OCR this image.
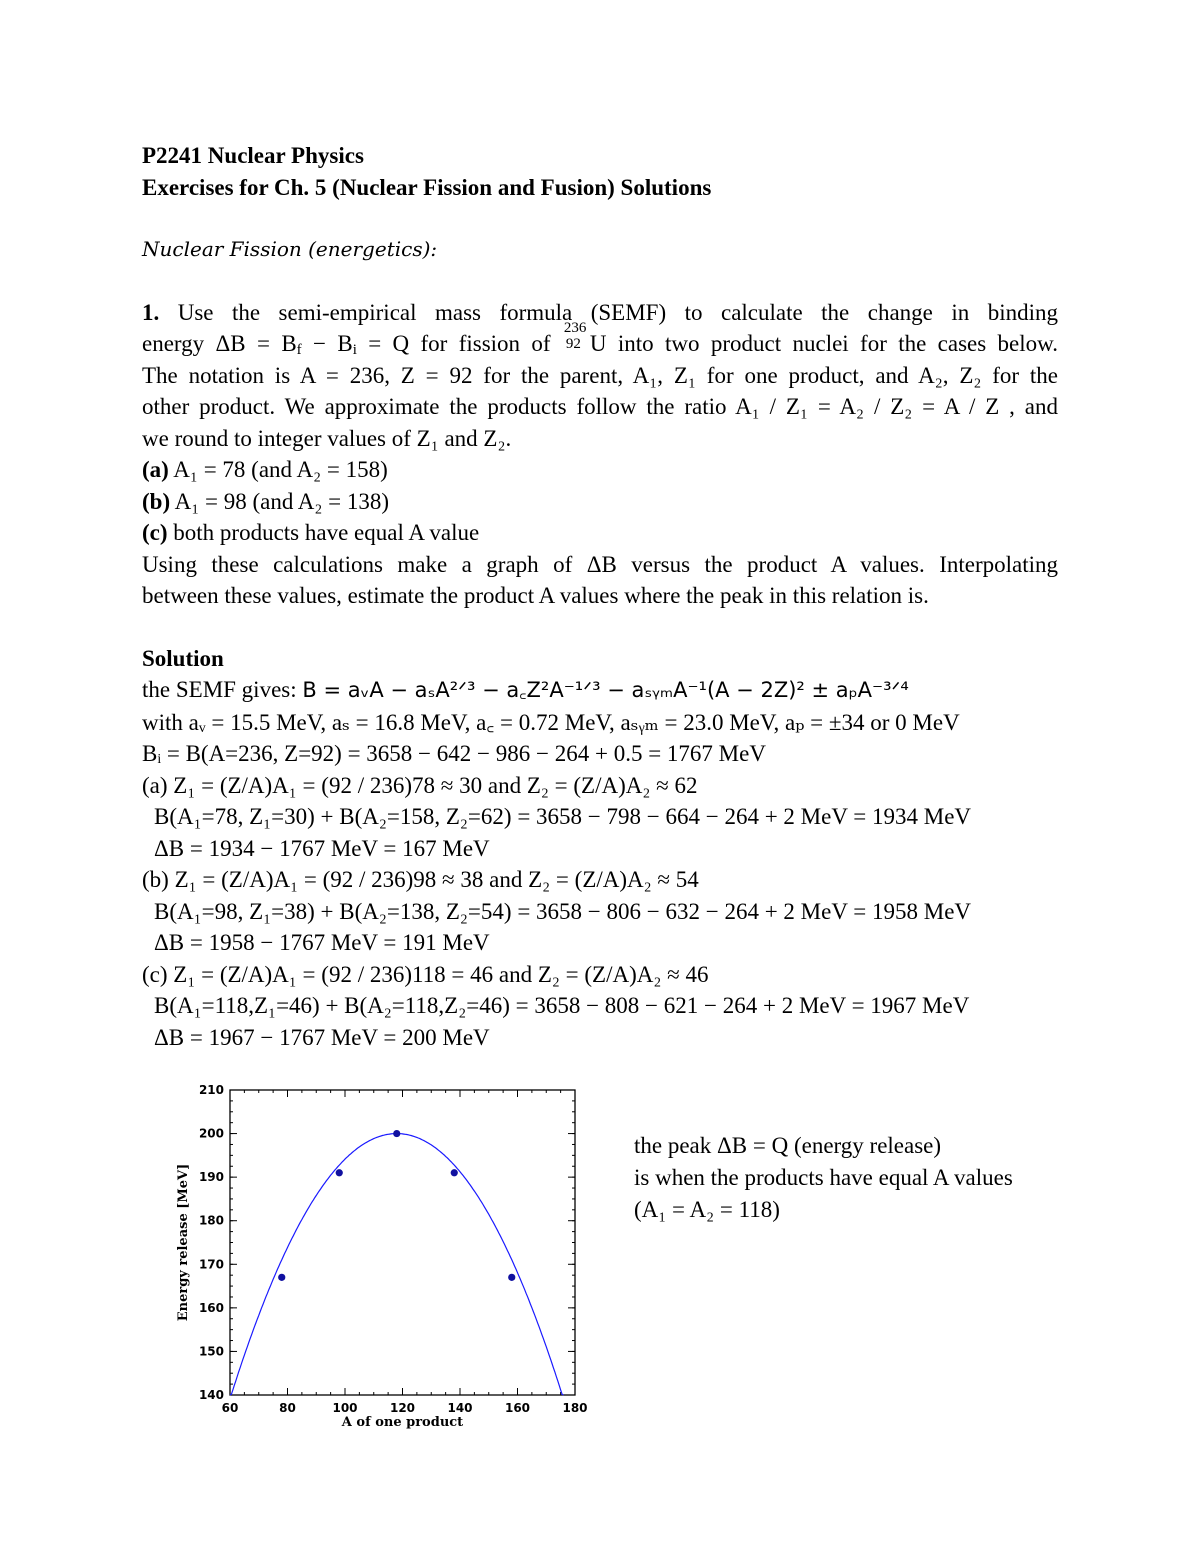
P2241 Nuclear Physics
Exercises for Ch. 5 (Nuclear Fission and Fusion) Solutions
Nuclear Fission (energetics):
1. Use the semi-empirical mass formula (SEMF) to calculate the change in binding
energy $\Delta B = B_f - B_i = Q$ for fission of
236
92 U into two product nuclei for the cases below.
The notation is A = 236, Z = 92 for the parent, A₁, Z₁ for one product, and A₂, Z₂ for the
other product. We approximate the products follow the ratio A₁ / Z₁ = A₂ / Z₂ = A / Z , and
we round to integer values of Z₁ and Z₂.
(a) A₁ = 78 (and A₂ = 158)
(b) A₁ = 98 (and A₂ = 138)
(c) both products have equal A value
Using these calculations make a graph of ΔB versus the product A values. Interpolating
between these values, estimate the product A values where the peak in this relation is.
Solution
the SEMF gives: B = aᵥA − aₛA²ᐟ³ − a꜀Z²A⁻¹ᐟ³ − aₛᵧₘA⁻¹(A − 2Z)² ± aₚA⁻³ᐟ⁴
with aᵥ = 15.5 MeV, aₛ = 16.8 MeV, a꜀ = 0.72 MeV, aₛᵧₘ = 23.0 MeV, aₚ = ±34 or 0 MeV
Bᵢ = B(A=236, Z=92) = 3658 − 642 − 986 − 264 + 0.5 = 1767 MeV
(a) Z₁ = (Z/A)A₁ = (92 / 236)78 ≈ 30 and Z₂ = (Z/A)A₂ ≈ 62
B(A₁=78, Z₁=30) + B(A₂=158, Z₂=62) = 3658 − 798 − 664 − 264 + 2 MeV = 1934 MeV
ΔB = 1934 − 1767 MeV = 167 MeV
(b) Z₁ = (Z/A)A₁ = (92 / 236)98 ≈ 38 and Z₂ = (Z/A)A₂ ≈ 54
B(A₁=98, Z₁=38) + B(A₂=138, Z₂=54) = 3658 − 806 − 632 − 264 + 2 MeV = 1958 MeV
ΔB = 1958 − 1767 MeV = 191 MeV
(c) Z₁ = (Z/A)A₁ = (92 / 236)118 = 46 and Z₂ = (Z/A)A₂ ≈ 46
B(A₁=118,Z₁=46) + B(A₂=118,Z₂=46) = 3658 − 808 − 621 − 264 + 2 MeV = 1967 MeV
ΔB = 1967 − 1767 MeV = 200 MeV
60	80	100	120	140	160	180
140
150
160
170
180
190
200
210
A of one product
Energy release [MeV]
the peak ΔB = Q (energy release)
is when the products have equal A values
(A₁ = A₂ = 118)
